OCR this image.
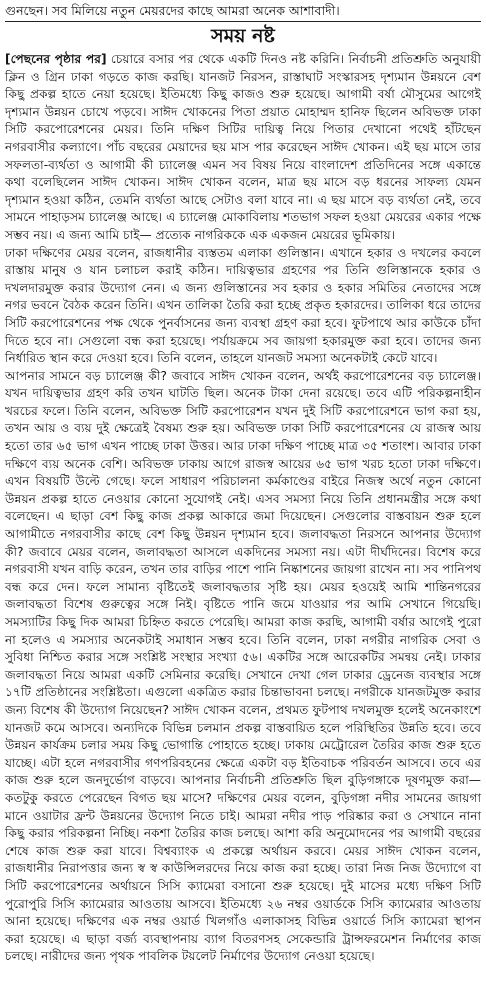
গুনছেন। সব মিলিয়ে নতুন মেয়রদের কাছে আমরা অনেক আশাবাদী।
সময় নষ্ট

[পেছনের পৃষ্ঠার পর] চেয়ারে বসার পর থেকে একটি দিনও নষ্ট করিনি। নির্বাচনী প্রতিশ্রুতি অনুযায়ী ক্লিন ও গ্রিন ঢাকা গড়তে কাজ করছি। যানজট নিরসন, রাস্তাঘাট সংস্কারসহ দৃশ্যমান উন্নয়নে বেশ কিছু প্রকল্প হাতে নেয়া হয়েছে। ইতিমধ্যে কিছু কাজও শুরু হয়েছে। আগামী বর্ষা মৌসুমের আগেই দৃশ্যমান উন্নয়ন চোখে পড়বে। সাঈদ খোকনের পিতা প্রয়াত মোহাম্মদ হানিফ ছিলেন অবিভক্ত ঢাকা সিটি করপোরেশনের মেয়র। তিনি দক্ষিণ সিটির দায়িত্ব নিয়ে পিতার দেখানো পথেই হাঁটছেন নগরবাসীর কল্যাণে। পাঁচ বছরের মেয়াদের ছয় মাস পার করেছেন সাঈদ খোকন। এই ছয় মাসে তার সফলতা-ব্যর্থতা ও আগামী কী চ্যালেঞ্জ এমন সব বিষয় নিয়ে বাংলাদেশ প্রতিদিনের সঙ্গে একান্তে কথা বলেছিলেন সাঈদ খোকন। সাঈদ খোকন বলেন, মাত্র ছয় মাসে বড় ধরনের সাফল্য যেমন দৃশ্যমান হওয়া কঠিন, তেমনি ব্যর্থতা আছে সেটাও বলা যাবে না। এ ছয় মাসে বড় ব্যর্থতা নেই, তবে সামনে পাহাড়সম চ্যালেঞ্জ আছে। এ চ্যালেঞ্জ মোকাবিলায় শতভাগ সফল হওয়া মেয়রের একার পক্ষে সম্ভব নয়। এ জন্য আমি চাই— প্রত্যেক নাগরিককে এক একজন মেয়রের ভূমিকায়।

ঢাকা দক্ষিণের মেয়র বলেন, রাজধানীর ব্যস্ততম এলাকা গুলিস্তান। এখানে হকার ও দখলের কবলে রাস্তায় মানুষ ও যান চলাচল করাই কঠিন। দায়িত্বভার গ্রহণের পর তিনি গুলিস্তানকে হকার ও দখলদারমুক্ত করার উদ্যোগ নেন। এ জন্য গুলিস্তানের সব হকার ও হকার সমিতির নেতাদের সঙ্গে নগর ভবনে বৈঠক করেন তিনি। এখন তালিকা তৈরি করা হচ্ছে প্রকৃত হকারদের। তালিকা ধরে তাদের সিটি করপোরেশনের পক্ষ থেকে পুনর্বাসনের জন্য ব্যবস্থা গ্রহণ করা হবে। ফুটপাথে আর কাউকে চাঁদা দিতে হবে না। সেগুলো বন্ধ করা হয়েছে। পর্যায়ক্রমে সব জায়গা হকারমুক্ত করা হবে। তাদের জন্য নির্ধারিত স্থান করে দেওয়া হবে। তিনি বলেন, তাহলে যানজট সমস্যা অনেকটাই কেটে যাবে।

আপনার সামনে বড় চ্যালেঞ্জ কী? জবাবে সাঈদ খোকন বলেন, অর্থই করপোরেশনের বড় চ্যালেঞ্জ। যখন দায়িত্বভার গ্রহণ করি তখন ঘাটতি ছিল। অনেক টাকা দেনা রয়েছে। তবে এটি পরিকল্পনাহীন খরচের ফলে। তিনি বলেন, অবিভক্ত সিটি করপোরেশন যখন দুই সিটি করপোরেশনে ভাগ করা হয়, তখন আয় ও ব্যয় দুই ক্ষেত্রেই বৈষম্য শুরু হয়। অবিভক্ত ঢাকা সিটি করপোরেশনের যে রাজস্ব আয় হতো তার ৬৫ ভাগ এখন পাচ্ছে ঢাকা উত্তর। আর ঢাকা দক্ষিণ পাচ্ছে মাত্র ৩৫ শতাংশ। আবার ঢাকা দক্ষিণে ব্যয় অনেক বেশি। অবিভক্ত ঢাকায় আগে রাজস্ব আয়ের ৬৫ ভাগ খরচ হতো ঢাকা দক্ষিণে। এখন বিষয়টি উল্টে গেছে। ফলে সাধারণ পরিচালনা কর্মকাণ্ডের বাইরে নিজস্ব অর্থে নতুন কোনো উন্নয়ন প্রকল্প হাতে নেওয়ার কোনো সুযোগই নেই। এসব সমস্যা নিয়ে তিনি প্রধানমন্ত্রীর সঙ্গে কথা বলেছেন। এ ছাড়া বেশ কিছু কাজ প্রকল্প আকারে জমা দিয়েছেন। সেগুলোর বাস্তবায়ন শুরু হলে আগামীতে নগরবাসীর কাছে বেশ কিছু উন্নয়ন দৃশ্যমান হবে। জলাবদ্ধতা নিরসনে আপনার উদ্যোগ কী? জবাবে মেয়র বলেন, জলাবদ্ধতা আসলে একদিনের সমস্যা নয়। এটা দীর্ঘদিনের। বিশেষ করে নগরবাসী যখন বাড়ি করেন, তখন তার বাড়ির পাশে পানি নিষ্কাশনের জায়গা রাখেন না। সব পানিপথ বন্ধ করে দেন। ফলে সামান্য বৃষ্টিতেই জলাবদ্ধতার সৃষ্টি হয়। মেয়র হওয়েই আমি শান্তিনগরের জলাবদ্ধতা বিশেষ গুরুত্বের সঙ্গে নিই। বৃষ্টিতে পানি জমে যাওয়ার পর আমি সেখানে গিয়েছি। সমস্যাটির কিছু দিক আমরা চিহ্নিত করতে পেরেছি। আমরা কাজ করছি, আগামী বর্ষার আগেই পুরো না হলেও এ সমস্যার অনেকটাই সমাধান সম্ভব হবে। তিনি বলেন, ঢাকা নগরীর নাগরিক সেবা ও সুবিধা নিশ্চিত করার সঙ্গে সংশ্লিষ্ট সংস্থার সংখ্যা ৫৬। একটির সঙ্গে আরেকটির সমন্বয় নেই। ঢাকার জলাবদ্ধতা নিয়ে আমরা একটি সেমিনার করেছি। সেখানে দেখা গেল ঢাকার ড্রেনেজ ব্যবস্থার সঙ্গে ১৭টি প্রতিষ্ঠানের সংশ্লিষ্টতা। এগুলো একত্রিত করার চিন্তাভাবনা চলছে। নগরীকে যানজটমুক্ত করার জন্য বিশেষ কী উদ্যোগ নিয়েছেন? সাঈদ খোকন বলেন, প্রথমত ফুটপাথ দখলমুক্ত হলেই অনেকাংশে যানজট কমে আসবে। অন্যদিকে বিভিন্ন চলমান প্রকল্প বাস্তবায়িত হলে পরিস্থিতির উন্নতি হবে। তবে উন্নয়ন কার্যক্রম চলার সময় কিছু ভোগান্তি পোহাতে হচ্ছে। ঢাকায় মেট্রোরেল তৈরির কাজ শুরু হতে যাচ্ছে। এটা হলে নগরবাসীর গণপরিবহনের ক্ষেত্রে একটা বড় ইতিবাচক পরিবর্তন আসবে। তবে এর কাজ শুরু হলে জনদুর্ভোগ বাড়বে। আপনার নির্বাচনী প্রতিশ্রুতি ছিল বুড়িগঙ্গাকে দূষণমুক্ত করা— কতটুকু করতে পেরেছেন বিগত ছয় মাসে? দক্ষিণের মেয়র বলেন, বুড়িগঙ্গা নদীর সামনের জায়গা মানে ওয়াটার ফ্রন্ট উন্নয়নের উদ্যোগ নিতে চাই। আমরা নদীর পাড় পরিষ্কার করা ও সেখানে নানা কিছু করার পরিকল্পনা নিচ্ছি। নকশা তৈরির কাজ চলছে। আশা করি অনুমোদনের পর আগামী বছরের শেষে কাজ শুরু করা যাবে। বিশ্বব্যাংক এ প্রকল্পে অর্থায়ন করবে। মেয়র সাঈদ খোকন বলেন, রাজধানীর নিরাপত্তার জন্য স্ব স্ব কাউন্সিলরদের নিয়ে কাজ করা হচ্ছে। তারা নিজ নিজ উদ্যোগে বা সিটি করপোরেশনের অর্থায়নে সিসি ক্যামেরা বসানো শুরু হয়েছে। দুই মাসের মধ্যে দক্ষিণ সিটি পুরোপুরি সিসি ক্যামেরার আওতায় আসবে। ইতিমধ্যে ২৬ নম্বর ওয়ার্ডকে সিসি ক্যামেরার আওতায় আনা হয়েছে। দক্ষিণের এক নম্বর ওয়ার্ড খিলগাঁও এলাকাসহ বিভিন্ন ওয়ার্ডে সিসি ক্যামেরা স্থাপন করা হয়েছে। এ ছাড়া বর্জ্য ব্যবস্থাপনায় ব্যাগ বিতরণসহ সেকেন্ডারি ট্রান্সফরমেশন নির্মাণের কাজ চলছে। নারীদের জন্য পৃথক পাবলিক টয়লেট নির্মাণের উদ্যোগ নেওয়া হয়েছে।
